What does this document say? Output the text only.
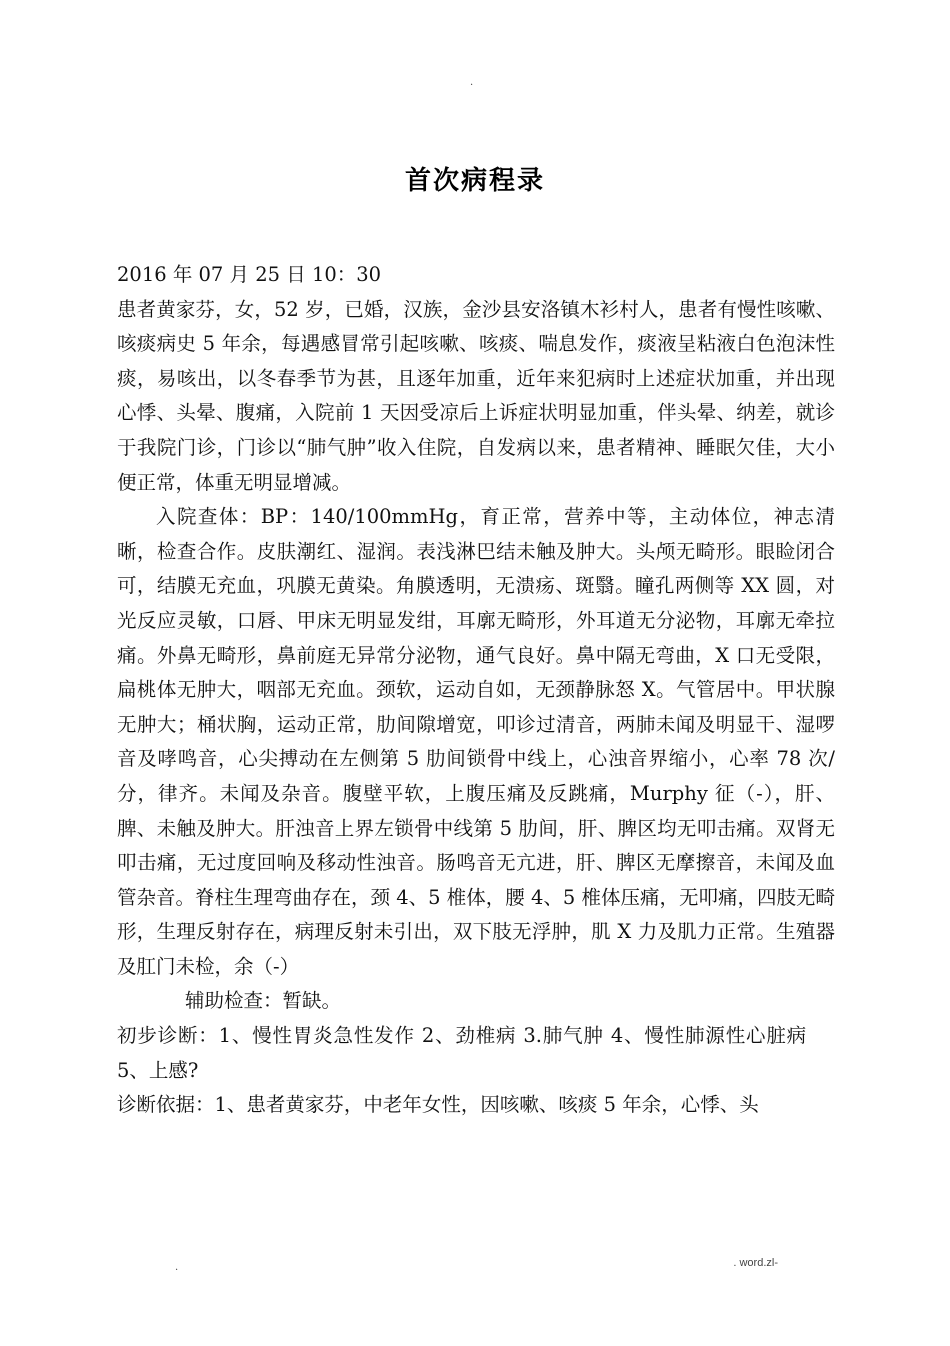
.
首次病程录

2016 年 07 月 25 日 10：30

患者黄家芬，女，52 岁，已婚，汉族，金沙县安洛镇木衫村人，患者有慢性咳嗽、咳痰病史 5 年余，每遇感冒常引起咳嗽、咳痰、喘息发作，痰液呈粘液白色泡沫性痰，易咳出，以冬春季节为甚，且逐年加重，近年来犯病时上述症状加重，并出现心悸、头晕、腹痛，入院前 1 天因受凉后上诉症状明显加重，伴头晕、纳差，就诊于我院门诊，门诊以“肺气肿”收入住院，自发病以来，患者精神、睡眠欠佳，大小便正常，体重无明显增减。

入院查体：BP：140/100mmHg，育正常，营养中等，主动体位，神志清晰，检查合作。皮肤潮红、湿润。表浅淋巴结未触及肿大。头颅无畸形。眼睑闭合可，结膜无充血，巩膜无黄染。角膜透明，无溃疡、斑翳。瞳孔两侧等 XX 圆，对光反应灵敏，口唇、甲床无明显发绀，耳廓无畸形，外耳道无分泌物，耳廓无牵拉痛。外鼻无畸形，鼻前庭无异常分泌物，通气良好。鼻中隔无弯曲，X 口无受限，扁桃体无肿大，咽部无充血。颈软，运动自如，无颈静脉怒 X。气管居中。甲状腺无肿大；桶状胸，运动正常，肋间隙增宽，叩诊过清音，两肺未闻及明显干、湿啰音及哮鸣音，心尖搏动在左侧第 5 肋间锁骨中线上，心浊音界缩小，心率 78 次/分，律齐。未闻及杂音。腹壁平软，上腹压痛及反跳痛，Murphy 征（-），肝、脾、未触及肿大。肝浊音上界左锁骨中线第 5 肋间，肝、脾区均无叩击痛。双肾无叩击痛，无过度回响及移动性浊音。肠鸣音无亢进，肝、脾区无摩擦音，未闻及血管杂音。脊柱生理弯曲存在，颈 4、5 椎体，腰 4、5 椎体压痛，无叩痛，四肢无畸形，生理反射存在，病理反射未引出，双下肢无浮肿，肌 X 力及肌力正常。生殖器及肛门未检，余（-）

辅助检查：暂缺。

初步诊断：1、慢性胃炎急性发作 2、劲椎病 3.肺气肿 4、慢性肺源性心脏病5、上感?

诊断依据：1、患者黄家芬，中老年女性，因咳嗽、咳痰 5 年余，心悸、头

.	. word.zl-
